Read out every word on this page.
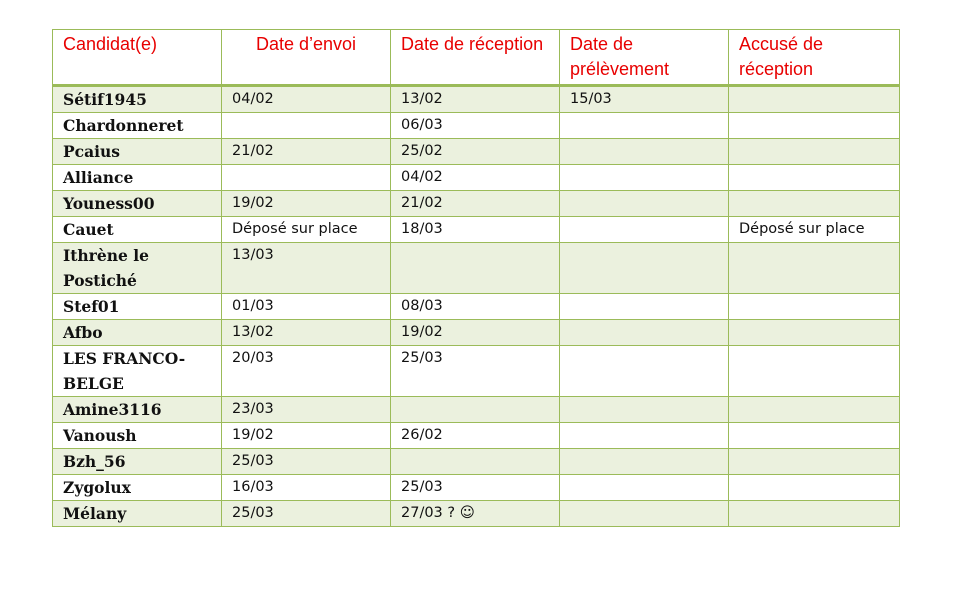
Candidat(e)	Date d’envoi	Date de réception	Date de prélèvement	Accusé de réception
Sétif1945	04/02	13/02	15/03	
Chardonneret		06/03		
Pcaius	21/02	25/02		
Alliance		04/02		
Youness00	19/02	21/02		
Cauet	Déposé sur place	18/03		Déposé sur place
Ithrène le Postiché	13/03			
Stef01	01/03	08/03		
Afbo	13/02	19/02		
LES FRANCO-BELGE	20/03	25/03		
Amine3116	23/03			
Vanoush	19/02	26/02		
Bzh_56	25/03			
Zygolux	16/03	25/03		
Mélany	25/03	27/03 ? ☺		
